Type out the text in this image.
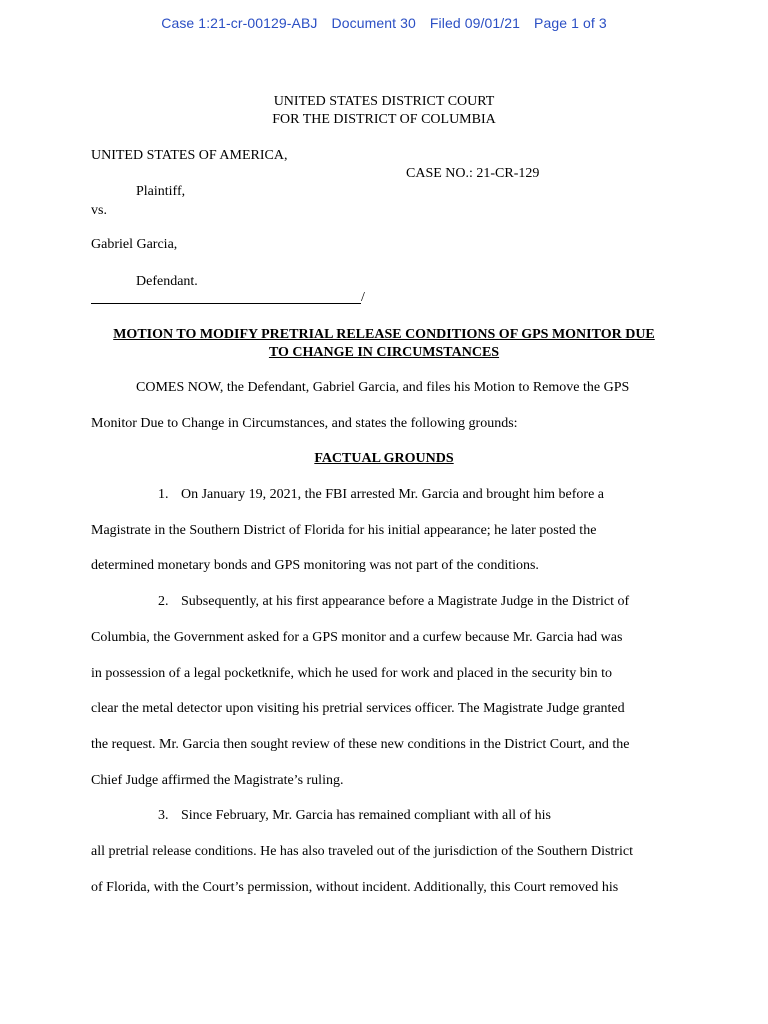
Case 1:21-cr-00129-ABJ Document 30 Filed 09/01/21 Page 1 of 3
UNITED STATES DISTRICT COURT
FOR THE DISTRICT OF COLUMBIA
UNITED STATES OF AMERICA,
CASE NO.: 21-CR-129
Plaintiff,
vs.
Gabriel Garcia,
Defendant.
/
MOTION TO MODIFY PRETRIAL RELEASE CONDITIONS OF GPS MONITOR DUE
TO CHANGE IN CIRCUMSTANCES
COMES NOW, the Defendant, Gabriel Garcia, and files his Motion to Remove the GPS
Monitor Due to Change in Circumstances, and states the following grounds:
FACTUAL GROUNDS
1. On January 19, 2021, the FBI arrested Mr. Garcia and brought him before a
Magistrate in the Southern District of Florida for his initial appearance; he later posted the
determined monetary bonds and GPS monitoring was not part of the conditions.
2. Subsequently, at his first appearance before a Magistrate Judge in the District of
Columbia, the Government asked for a GPS monitor and a curfew because Mr. Garcia had was
in possession of a legal pocketknife, which he used for work and placed in the security bin to
clear the metal detector upon visiting his pretrial services officer. The Magistrate Judge granted
the request. Mr. Garcia then sought review of these new conditions in the District Court, and the
Chief Judge affirmed the Magistrate’s ruling.
3. Since February, Mr. Garcia has remained compliant with all of his
all pretrial release conditions. He has also traveled out of the jurisdiction of the Southern District
of Florida, with the Court’s permission, without incident. Additionally, this Court removed his
